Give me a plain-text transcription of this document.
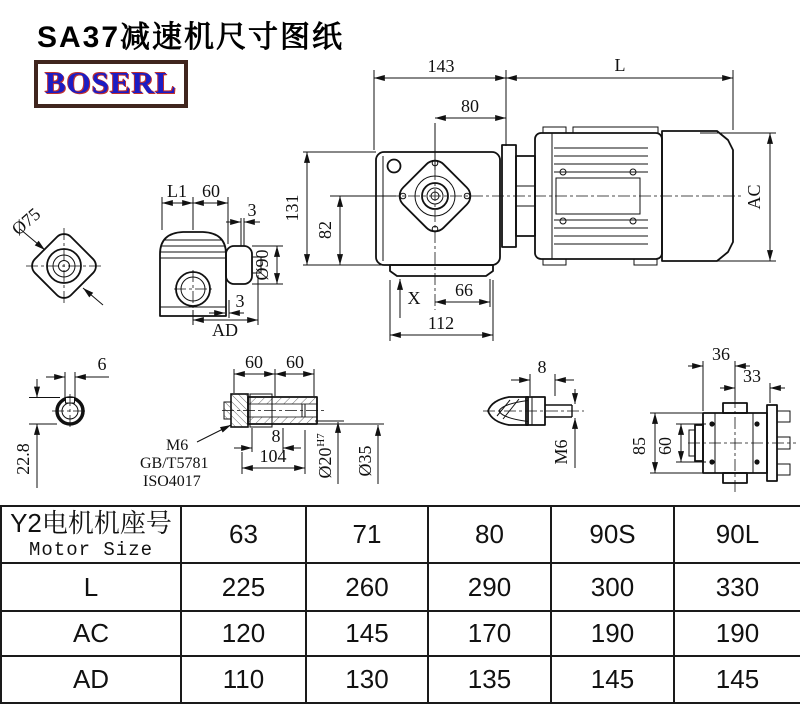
SA37减速机尺寸图纸
BOSERL
Ø75
L1 60
3
Ø90
3
AD
143	L
80
131
82
X 66
112
AC
6
22.8
60 60
M6
GB/T5781
ISO4017
8
104 Ø20
H7
Ø35
8
M6
36
33
85 60
Y2电机机座号
Motor Size	63	71	80	90S	90L
L	225	260	290	300	330
AC	120	145	170	190	190
AD	110	130	135	145	145
